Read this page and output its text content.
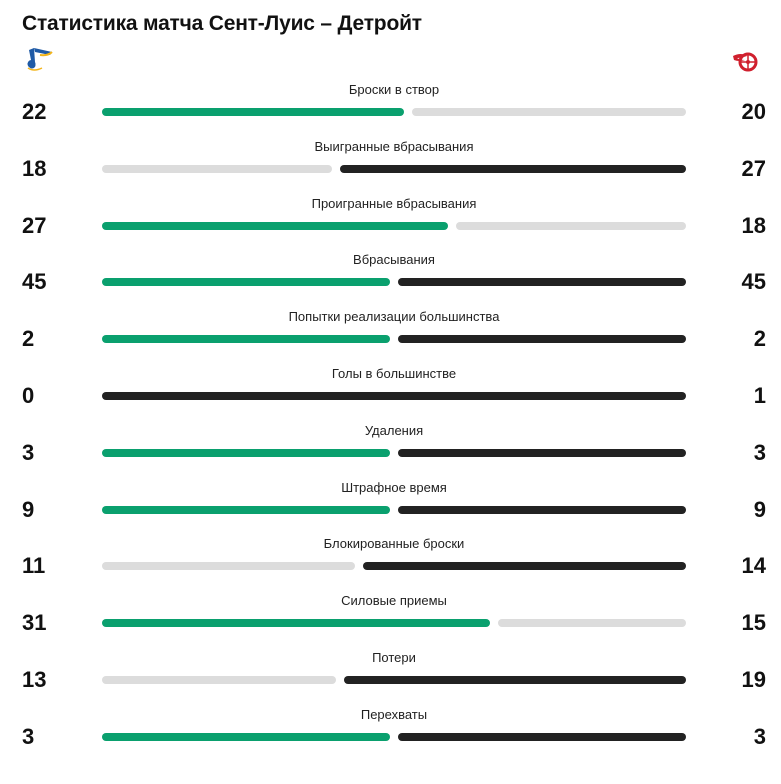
Статистика матча Сент-Луис – Детройт
Броски в створ
22	20
Выигранные вбрасывания
18	27
Проигранные вбрасывания
27	18
Вбрасывания
45	45
Попытки реализации большинства
2	2
Голы в большинстве
0	1
Удаления
3	3
Штрафное время
9	9
Блокированные броски
11	14
Силовые приемы
31	15
Потери
13	19
Перехваты
3	3
